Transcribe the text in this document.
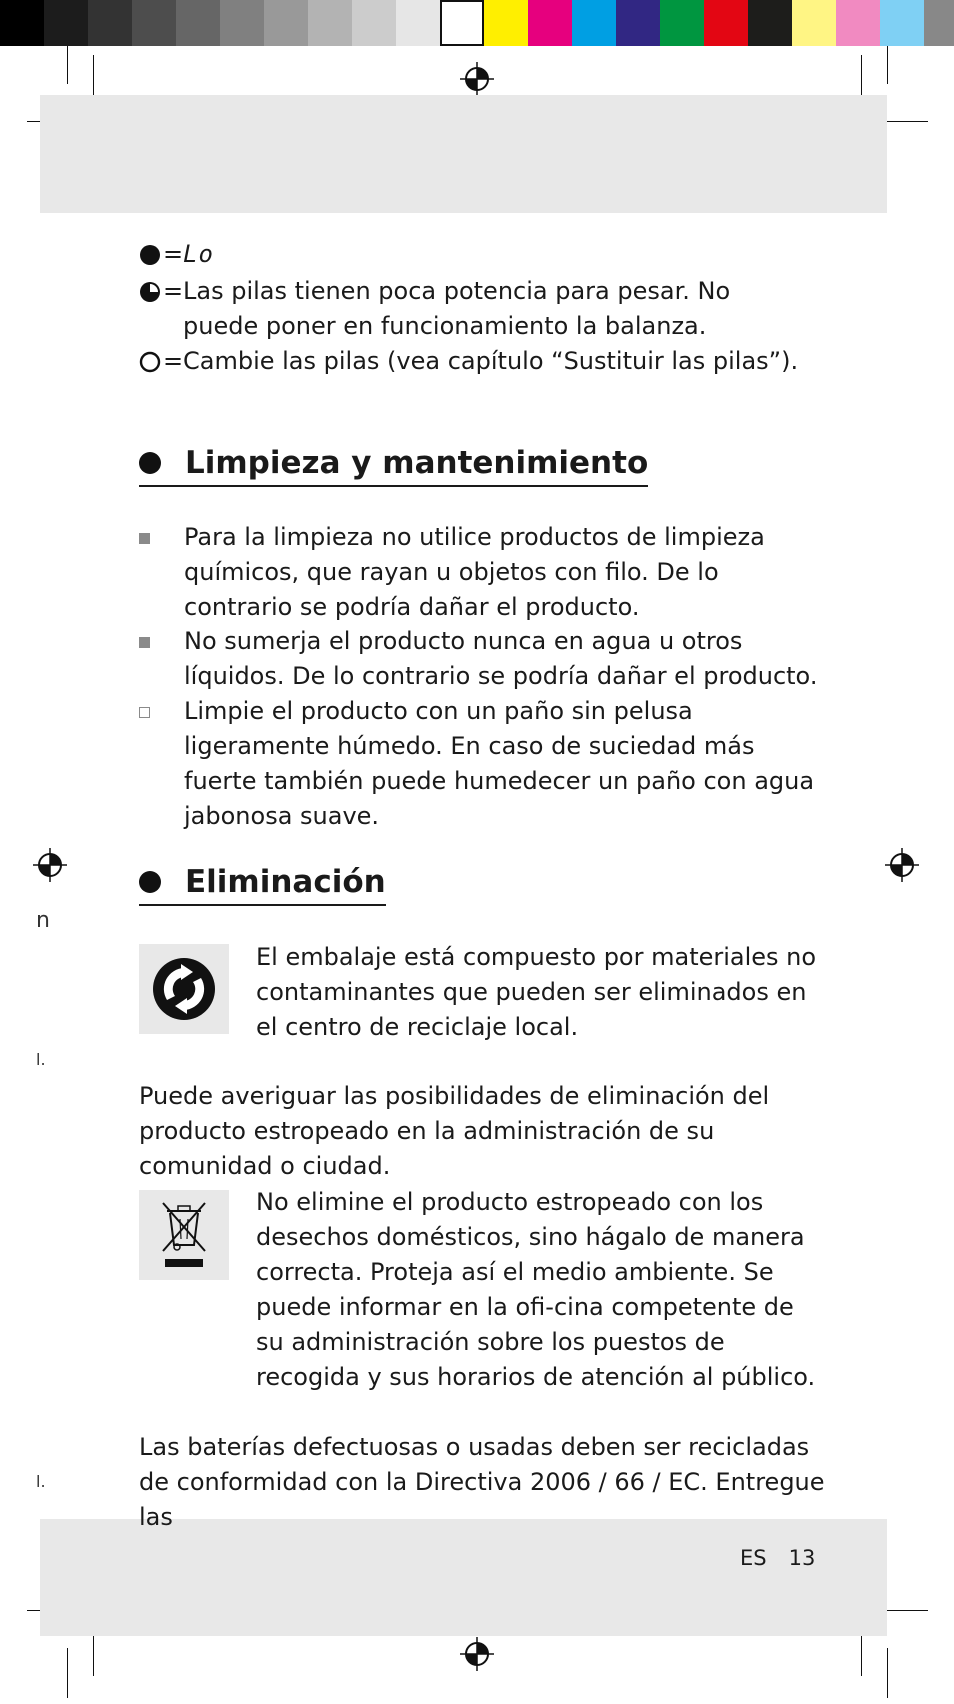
= Lo
= Las pilas tienen poca potencia para pesar. No puede poner en funcionamiento la balanza.
= Cambie las pilas (vea capítulo “Sustituir las pilas”).
Limpieza y mantenimiento
Para la limpieza no utilice productos de limpieza químicos, que rayan u objetos con filo. De lo contrario se podría dañar el producto.
No sumerja el producto nunca en agua u otros líquidos. De lo contrario se podría dañar el producto.
Limpie el producto con un paño sin pelusa ligeramente húmedo. En caso de suciedad más fuerte también puede humedecer un paño con agua jabonosa suave.
Eliminación
El embalaje está compuesto por materiales no contaminantes que pueden ser eliminados en el centro de reciclaje local.
Puede averiguar las posibilidades de eliminación del producto estropeado en la administración de su comunidad o ciudad.
No elimine el producto estropeado con los desechos domésticos, sino hágalo de manera correcta. Proteja así el medio ambiente. Se puede informar en la ofi-cina competente de su administración sobre los puestos de recogida y sus horarios de atención al público.
Las baterías defectuosas o usadas deben ser recicladas de conformidad con la Directiva 2006 / 66 / EC. Entregue las
n
l.
l.
ES 13
